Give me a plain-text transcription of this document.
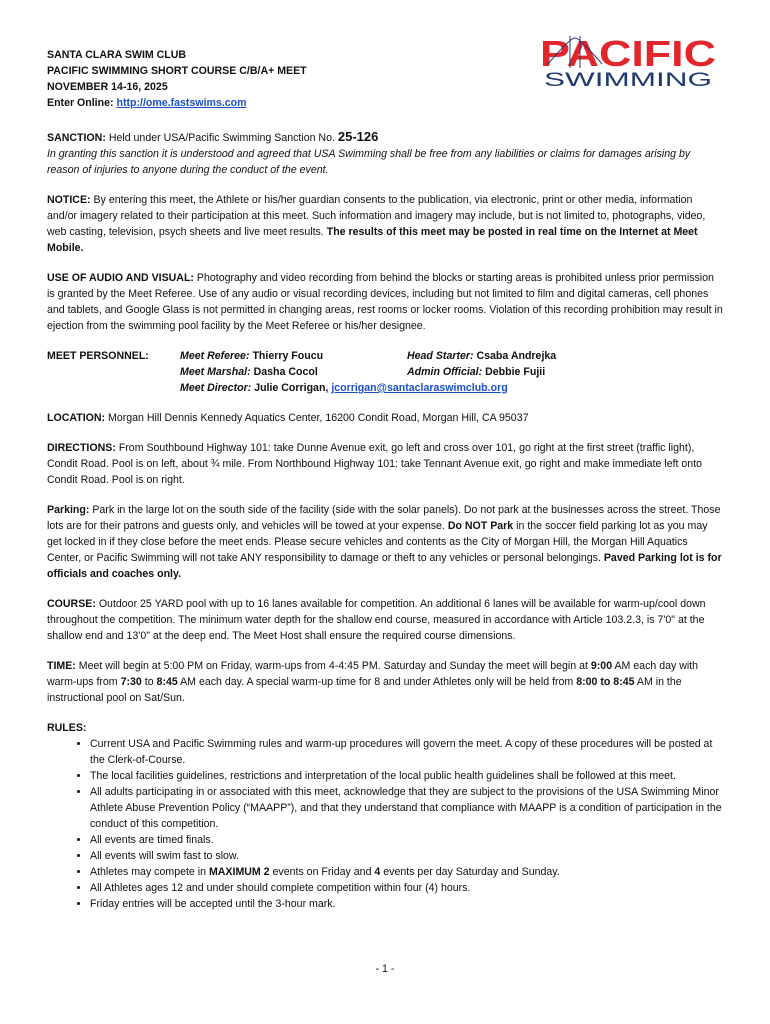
SANTA CLARA SWIM CLUB
PACIFIC SWIMMING SHORT COURSE C/B/A+ MEET
NOVEMBER 14-16, 2025
Enter Online: http://ome.fastswims.com
PACIFIC
SWIMMING
SANCTION: Held under USA/Pacific Swimming Sanction No. 25-126
In granting this sanction it is understood and agreed that USA Swimming shall be free from any liabilities or claims for damages arising by reason of injuries to anyone during the conduct of the event.
NOTICE: By entering this meet, the Athlete or his/her guardian consents to the publication, via electronic, print or other media, information and/or imagery related to their participation at this meet. Such information and imagery may include, but is not limited to, photographs, video, web casting, television, psych sheets and live meet results. The results of this meet may be posted in real time on the Internet at Meet Mobile.
USE OF AUDIO AND VISUAL: Photography and video recording from behind the blocks or starting areas is prohibited unless prior permission is granted by the Meet Referee. Use of any audio or visual recording devices, including but not limited to film and digital cameras, cell phones and tablets, and Google Glass is not permitted in changing areas, rest rooms or locker rooms. Violation of this recording prohibition may result in ejection from the swimming pool facility by the Meet Referee or his/her designee.
MEET PERSONNEL:	Meet Referee: Thierry Foucu	Head Starter: Csaba Andrejka
Meet Marshal: Dasha Cocol	Admin Official: Debbie Fujii
Meet Director: Julie Corrigan, jcorrigan@santaclaraswimclub.org
LOCATION: Morgan Hill Dennis Kennedy Aquatics Center, 16200 Condit Road, Morgan Hill, CA 95037
DIRECTIONS: From Southbound Highway 101: take Dunne Avenue exit, go left and cross over 101, go right at the first street (traffic light), Condit Road. Pool is on left, about ¾ mile. From Northbound Highway 101: take Tennant Avenue exit, go right and make immediate left onto Condit Road. Pool is on right.
Parking: Park in the large lot on the south side of the facility (side with the solar panels). Do not park at the businesses across the street. Those lots are for their patrons and guests only, and vehicles will be towed at your expense. Do NOT Park in the soccer field parking lot as you may get locked in if they close before the meet ends. Please secure vehicles and contents as the City of Morgan Hill, the Morgan Hill Aquatics Center, or Pacific Swimming will not take ANY responsibility to damage or theft to any vehicles or personal belongings. Paved Parking lot is for officials and coaches only.
COURSE: Outdoor 25 YARD pool with up to 16 lanes available for competition. An additional 6 lanes will be available for warm-up/cool down throughout the competition. The minimum water depth for the shallow end course, measured in accordance with Article 103.2.3, is 7'0" at the shallow end and 13'0" at the deep end. The Meet Host shall ensure the required course dimensions.
TIME: Meet will begin at 5:00 PM on Friday, warm-ups from 4-4:45 PM. Saturday and Sunday the meet will begin at 9:00 AM each day with warm-ups from 7:30 to 8:45 AM each day. A special warm-up time for 8 and under Athletes only will be held from 8:00 to 8:45 AM in the instructional pool on Sat/Sun.
RULES:
• Current USA and Pacific Swimming rules and warm-up procedures will govern the meet. A copy of these procedures will be posted at the Clerk-of-Course.
• The local facilities guidelines, restrictions and interpretation of the local public health guidelines shall be followed at this meet.
• All adults participating in or associated with this meet, acknowledge that they are subject to the provisions of the USA Swimming Minor Athlete Abuse Prevention Policy (“MAAPP”), and that they understand that compliance with MAAPP is a condition of participation in the conduct of this competition.
• All events are timed finals.
• All events will swim fast to slow.
• Athletes may compete in MAXIMUM 2 events on Friday and 4 events per day Saturday and Sunday.
• All Athletes ages 12 and under should complete competition within four (4) hours.
• Friday entries will be accepted until the 3-hour mark.
- 1 -
